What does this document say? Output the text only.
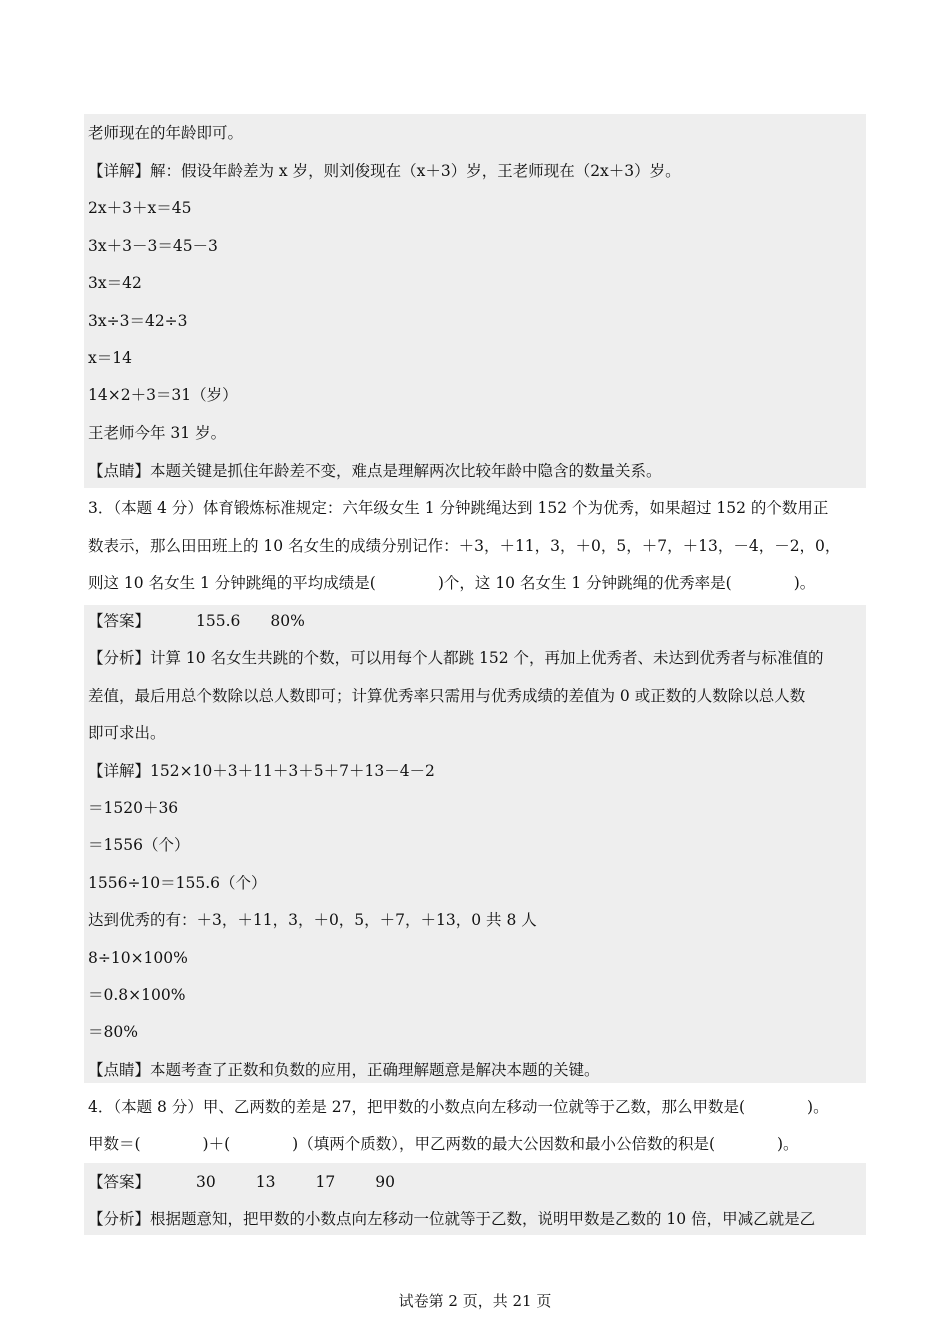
老师现在的年龄即可。
【详解】解：假设年龄差为 x 岁，则刘俊现在（x＋3）岁，王老师现在（2x＋3）岁。
2x＋3＋x＝45
3x＋3－3＝45－3
3x＝42
3x÷3＝42÷3
x＝14
14×2＋3＝31（岁）
王老师今年 31 岁。
【点睛】本题关键是抓住年龄差不变，难点是理解两次比较年龄中隐含的数量关系。
3．（本题 4 分）体育锻炼标准规定：六年级女生 1 分钟跳绳达到 152 个为优秀，如果超过 152 的个数用正
数表示，那么田田班上的 10 名女生的成绩分别记作：＋3，＋11，3，＋0，5，＋7，＋13，－4，－2，0，
则这 10 名女生 1 分钟跳绳的平均成绩是(　　　　)个，这 10 名女生 1 分钟跳绳的优秀率是(　　　　)。
【答案】	155.6 80%
【分析】计算 10 名女生共跳的个数，可以用每个人都跳 152 个，再加上优秀者、未达到优秀者与标准值的
差值，最后用总个数除以总人数即可；计算优秀率只需用与优秀成绩的差值为 0 或正数的人数除以总人数
即可求出。
【详解】152×10＋3＋11＋3＋5＋7＋13－4－2
＝1520＋36
＝1556（个）
1556÷10＝155.6（个）
达到优秀的有：＋3，＋11，3，＋0，5，＋7，＋13，0 共 8 人
8÷10×100%
＝0.8×100%
＝80%
【点睛】本题考查了正数和负数的应用，正确理解题意是解决本题的关键。
4．（本题 8 分）甲、乙两数的差是 27，把甲数的小数点向左移动一位就等于乙数，那么甲数是(　　　　)。
甲数＝(　　　　)＋(　　　　)（填两个质数），甲乙两数的最大公因数和最小公倍数的积是(　　　　)。
【答案】	30	13	17	90
【分析】根据题意知，把甲数的小数点向左移动一位就等于乙数，说明甲数是乙数的 10 倍，甲减乙就是乙
试卷第 2 页，共 21 页
